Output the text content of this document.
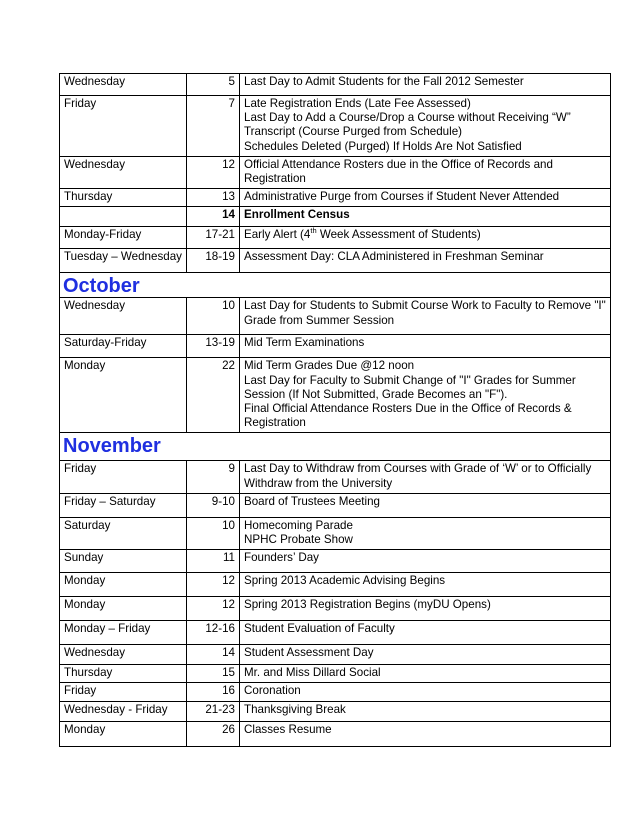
Wednesday	5	Last Day to Admit Students for the Fall 2012 Semester

Friday	7	Late Registration Ends (Late Fee Assessed)
Last Day to Add a Course/Drop a Course without Receiving “W”
Transcript (Course Purged from Schedule)
Schedules Deleted (Purged) If Holds Are Not Satisfied

Wednesday	12	Official Attendance Rosters due in the Office of Records and
Registration

Thursday	13	Administrative Purge from Courses if Student Never Attended

	14	Enrollment Census

Monday-Friday	17-21	Early Alert (4th Week Assessment of Students)

Tuesday – Wednesday	18-19	Assessment Day: CLA Administered in Freshman Seminar

October		
Wednesday	10	Last Day for Students to Submit Course Work to Faculty to Remove "I"
Grade from Summer Session

Saturday-Friday	13-19	Mid Term Examinations

Monday	22	Mid Term Grades Due @12 noon
Last Day for Faculty to Submit Change of "I" Grades for Summer
Session (If Not Submitted, Grade Becomes an "F").
Final Official Attendance Rosters Due in the Office of Records &
Registration

November		
Friday	9	Last Day to Withdraw from Courses with Grade of ‘W’ or to Officially
Withdraw from the University

Friday – Saturday	9-10	Board of Trustees Meeting

Saturday	10	Homecoming Parade
NPHC Probate Show

Sunday	11	Founders’ Day

Monday	12	Spring 2013 Academic Advising Begins

Monday	12	Spring 2013 Registration Begins (myDU Opens)

Monday – Friday	12-16	Student Evaluation of Faculty

Wednesday	14	Student Assessment Day

Thursday	15	Mr. and Miss Dillard Social

Friday	16	Coronation

Wednesday - Friday	21-23	Thanksgiving Break

Monday	26	Classes Resume
